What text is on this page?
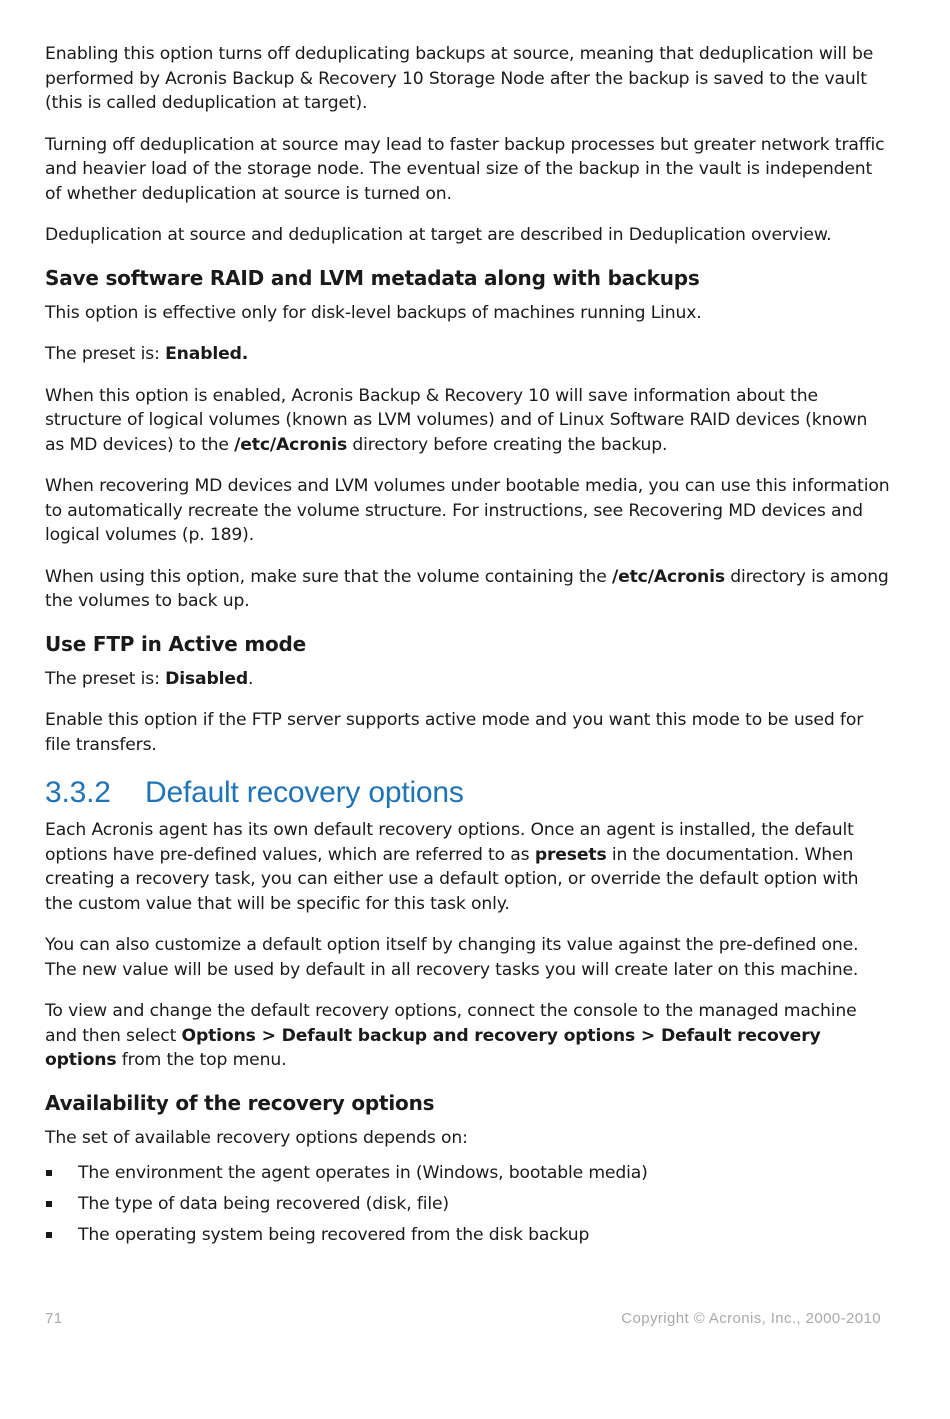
Enabling this option turns off deduplicating backups at source, meaning that deduplication will be performed by Acronis Backup & Recovery 10 Storage Node after the backup is saved to the vault (this is called deduplication at target).

Turning off deduplication at source may lead to faster backup processes but greater network traffic and heavier load of the storage node. The eventual size of the backup in the vault is independent of whether deduplication at source is turned on.

Deduplication at source and deduplication at target are described in Deduplication overview.

Save software RAID and LVM metadata along with backups

This option is effective only for disk-level backups of machines running Linux.

The preset is: Enabled.

When this option is enabled, Acronis Backup & Recovery 10 will save information about the structure of logical volumes (known as LVM volumes) and of Linux Software RAID devices (known as MD devices) to the /etc/Acronis directory before creating the backup.

When recovering MD devices and LVM volumes under bootable media, you can use this information to automatically recreate the volume structure. For instructions, see Recovering MD devices and logical volumes (p. 189).

When using this option, make sure that the volume containing the /etc/Acronis directory is among the volumes to back up.

Use FTP in Active mode

The preset is: Disabled.

Enable this option if the FTP server supports active mode and you want this mode to be used for file transfers.

3.3.2 Default recovery options

Each Acronis agent has its own default recovery options. Once an agent is installed, the default options have pre-defined values, which are referred to as presets in the documentation. When creating a recovery task, you can either use a default option, or override the default option with the custom value that will be specific for this task only.

You can also customize a default option itself by changing its value against the pre-defined one. The new value will be used by default in all recovery tasks you will create later on this machine.

To view and change the default recovery options, connect the console to the managed machine and then select Options > Default backup and recovery options > Default recovery options from the top menu.

Availability of the recovery options

The set of available recovery options depends on:

The environment the agent operates in (Windows, bootable media)
The type of data being recovered (disk, file)
The operating system being recovered from the disk backup
71	Copyright © Acronis, Inc., 2000-2010
